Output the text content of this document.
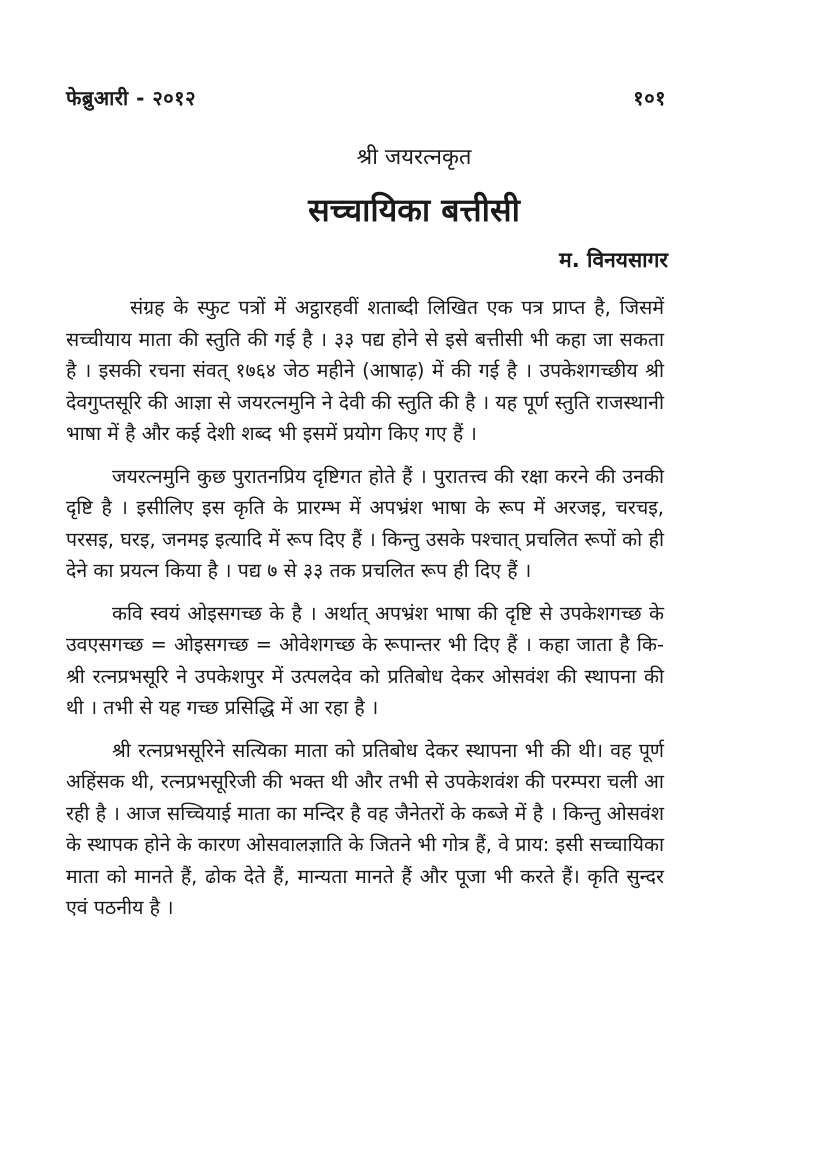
फेब्रुआरी - २०१२	१०१
श्री जयरत्नकृत
सच्चायिका बत्तीसी
म. विनयसागर

संग्रह के स्फुट पत्रों में अट्ठारहवीं शताब्दी लिखित एक पत्र प्राप्त है, जिसमें सच्चीयाय माता की स्तुति की गई है । ३३ पद्य होने से इसे बत्तीसी भी कहा जा सकता है । इसकी रचना संवत् १७६४ जेठ महीने (आषाढ़) में की गई है । उपकेशगच्छीय श्री देवगुप्तसूरि की आज्ञा से जयरत्नमुनि ने देवी की स्तुति की है । यह पूर्ण स्तुति राजस्थानी भाषा में है और कई देशी शब्द भी इसमें प्रयोग किए गए हैं ।

जयरत्नमुनि कुछ पुरातनप्रिय दृष्टिगत होते हैं । पुरातत्त्व की रक्षा करने की उनकी दृष्टि है । इसीलिए इस कृति के प्रारम्भ में अपभ्रंश भाषा के रूप में अरजइ, चरचइ, परसइ, घरइ, जनमइ इत्यादि में रूप दिए हैं । किन्तु उसके पश्चात् प्रचलित रूपों को ही देने का प्रयत्न किया है । पद्य ७ से ३३ तक प्रचलित रूप ही दिए हैं ।

कवि स्वयं ओइसगच्छ के है । अर्थात् अपभ्रंश भाषा की दृष्टि से उपकेशगच्छ के उवएसगच्छ = ओइसगच्छ = ओवेशगच्छ के रूपान्तर भी दिए हैं । कहा जाता है कि- श्री रत्नप्रभसूरि ने उपकेशपुर में उत्पलदेव को प्रतिबोध देकर ओसवंश की स्थापना की थी । तभी से यह गच्छ प्रसिद्धि में आ रहा है ।

श्री रत्नप्रभसूरिने सत्यिका माता को प्रतिबोध देकर स्थापना भी की थी। वह पूर्ण अहिंसक थी, रत्नप्रभसूरिजी की भक्त थी और तभी से उपकेशवंश की परम्परा चली आ रही है । आज सच्चियाई माता का मन्दिर है वह जैनेतरों के कब्जे में है । किन्तु ओसवंश के स्थापक होने के कारण ओसवालज्ञाति के जितने भी गोत्र हैं, वे प्राय: इसी सच्चायिका माता को मानते हैं, ढोक देते हैं, मान्यता मानते हैं और पूजा भी करते हैं। कृति सुन्दर एवं पठनीय है ।
